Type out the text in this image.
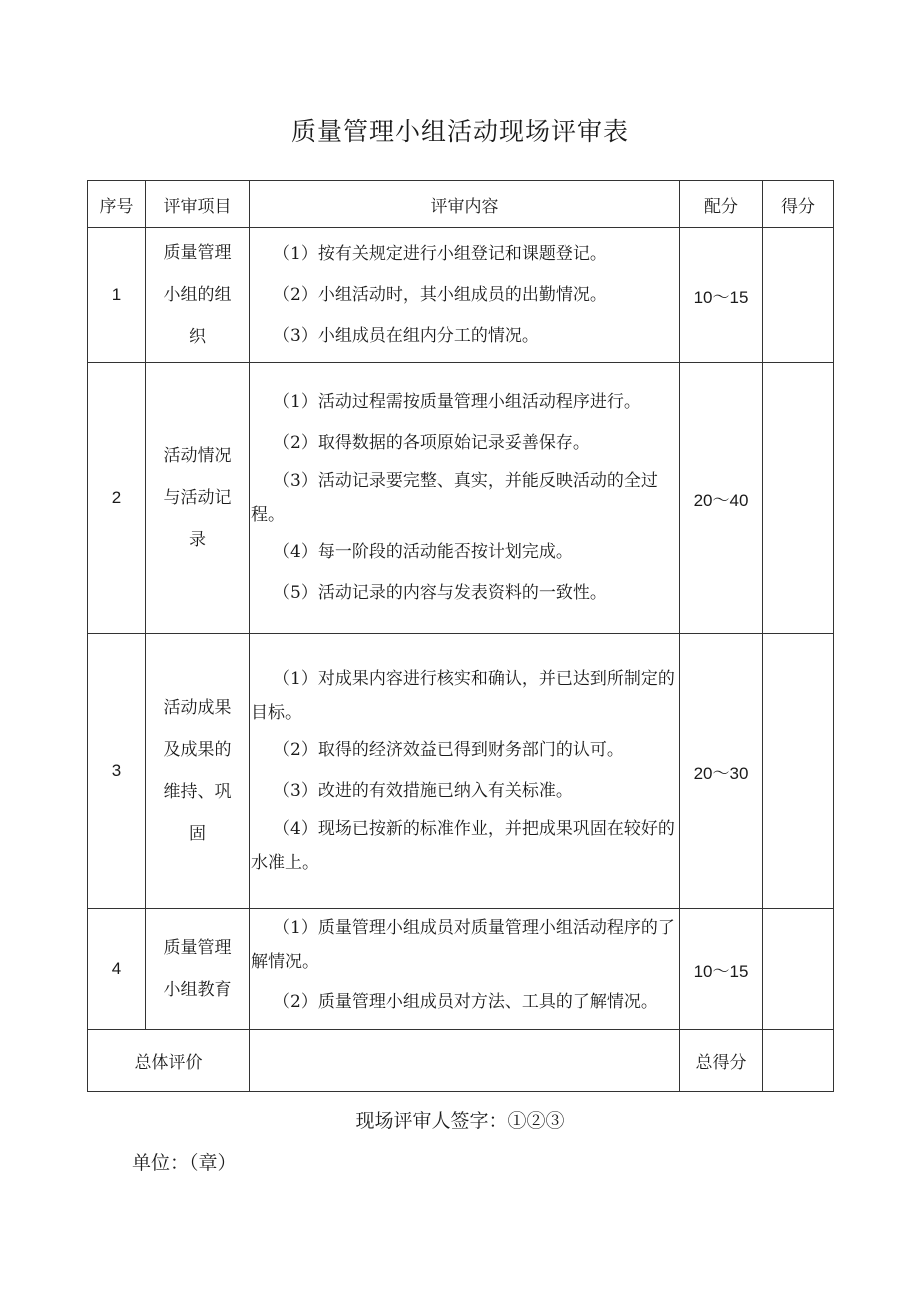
质量管理小组活动现场评审表
序号	评审项目	评审内容	配分	得分
1	质量管理小组的组织	（1）按有关规定进行小组登记和课题登记。

（2）小组活动时，其小组成员的出勤情况。

（3）小组成员在组内分工的情况。	10～15	
2	活动情况与活动记录	（1）活动过程需按质量管理小组活动程序进行。

（2）取得数据的各项原始记录妥善保存。

（3）活动记录要完整、真实，并能反映活动的全过程。

（4）每一阶段的活动能否按计划完成。

（5）活动记录的内容与发表资料的一致性。	20～40	
3	活动成果及成果的维持、巩固	（1）对成果内容进行核实和确认，并已达到所制定的目标。

（2）取得的经济效益已得到财务部门的认可。

（3）改进的有效措施已纳入有关标准。

（4）现场已按新的标准作业，并把成果巩固在较好的水准上。	20～30	
4	质量管理小组教育	（1）质量管理小组成员对质量管理小组活动程序的了解情况。

（2）质量管理小组成员对方法、工具的了解情况。	10～15	
总体评价			总得分	
现场评审人签字：①②③
单位：（章）
